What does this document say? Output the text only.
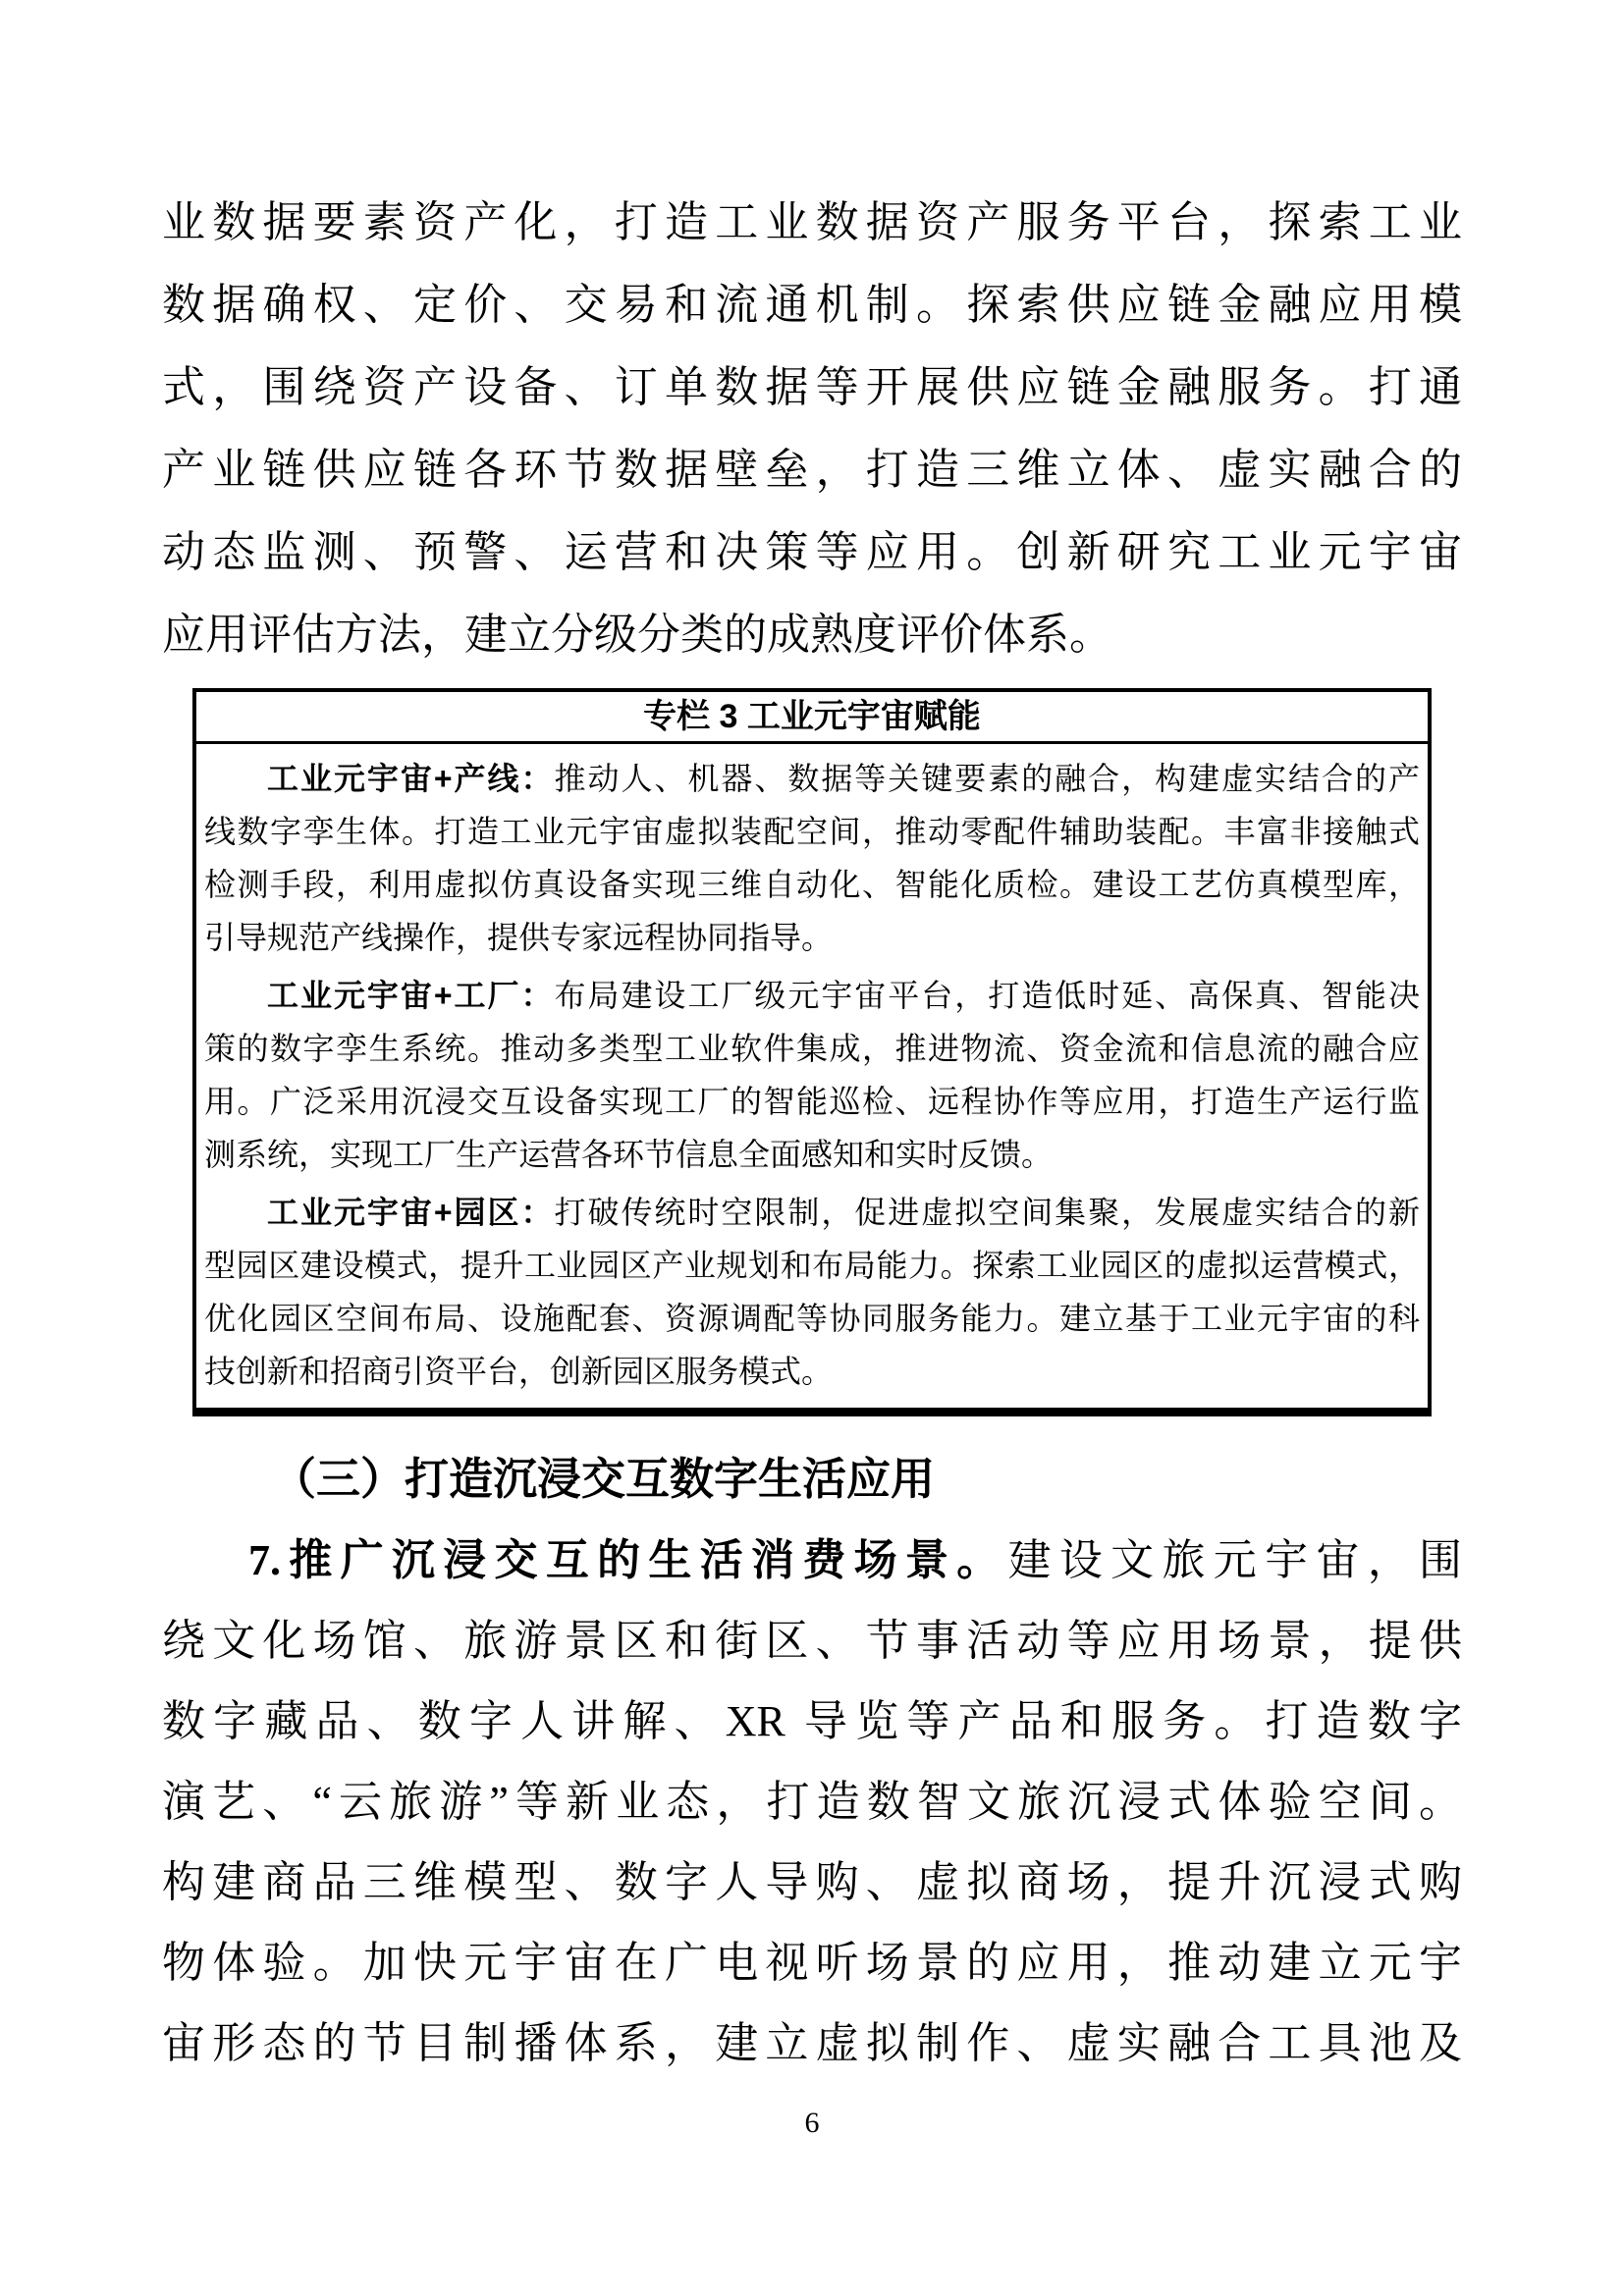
业数据要素资产化，打造工业数据资产服务平台，探索工业
数据确权、定价、交易和流通机制。探索供应链金融应用模
式，围绕资产设备、订单数据等开展供应链金融服务。打通
产业链供应链各环节数据壁垒，打造三维立体、虚实融合的
动态监测、预警、运营和决策等应用。创新研究工业元宇宙
应用评估方法，建立分级分类的成熟度评价体系。
专栏 3 工业元宇宙赋能
工业元宇宙+产线：推动人、机器、数据等关键要素的融合，构建虚实结合的产
线数字孪生体。打造工业元宇宙虚拟装配空间，推动零配件辅助装配。丰富非接触式
检测手段，利用虚拟仿真设备实现三维自动化、智能化质检。建设工艺仿真模型库，
引导规范产线操作，提供专家远程协同指导。
工业元宇宙+工厂：布局建设工厂级元宇宙平台，打造低时延、高保真、智能决
策的数字孪生系统。推动多类型工业软件集成，推进物流、资金流和信息流的融合应
用。广泛采用沉浸交互设备实现工厂的智能巡检、远程协作等应用，打造生产运行监
测系统，实现工厂生产运营各环节信息全面感知和实时反馈。
工业元宇宙+园区：打破传统时空限制，促进虚拟空间集聚，发展虚实结合的新
型园区建设模式，提升工业园区产业规划和布局能力。探索工业园区的虚拟运营模式，
优化园区空间布局、设施配套、资源调配等协同服务能力。建立基于工业元宇宙的科
技创新和招商引资平台，创新园区服务模式。
（三）打造沉浸交互数字生活应用
7.推广沉浸交互的生活消费场景。建设文旅元宇宙，围
绕文化场馆、旅游景区和街区、节事活动等应用场景，提供
数字藏品、数字人讲解、XR 导览等产品和服务。打造数字
演艺、“云旅游”等新业态，打造数智文旅沉浸式体验空间。
构建商品三维模型、数字人导购、虚拟商场，提升沉浸式购
物体验。加快元宇宙在广电视听场景的应用，推动建立元宇
宙形态的节目制播体系，建立虚拟制作、虚实融合工具池及
6
